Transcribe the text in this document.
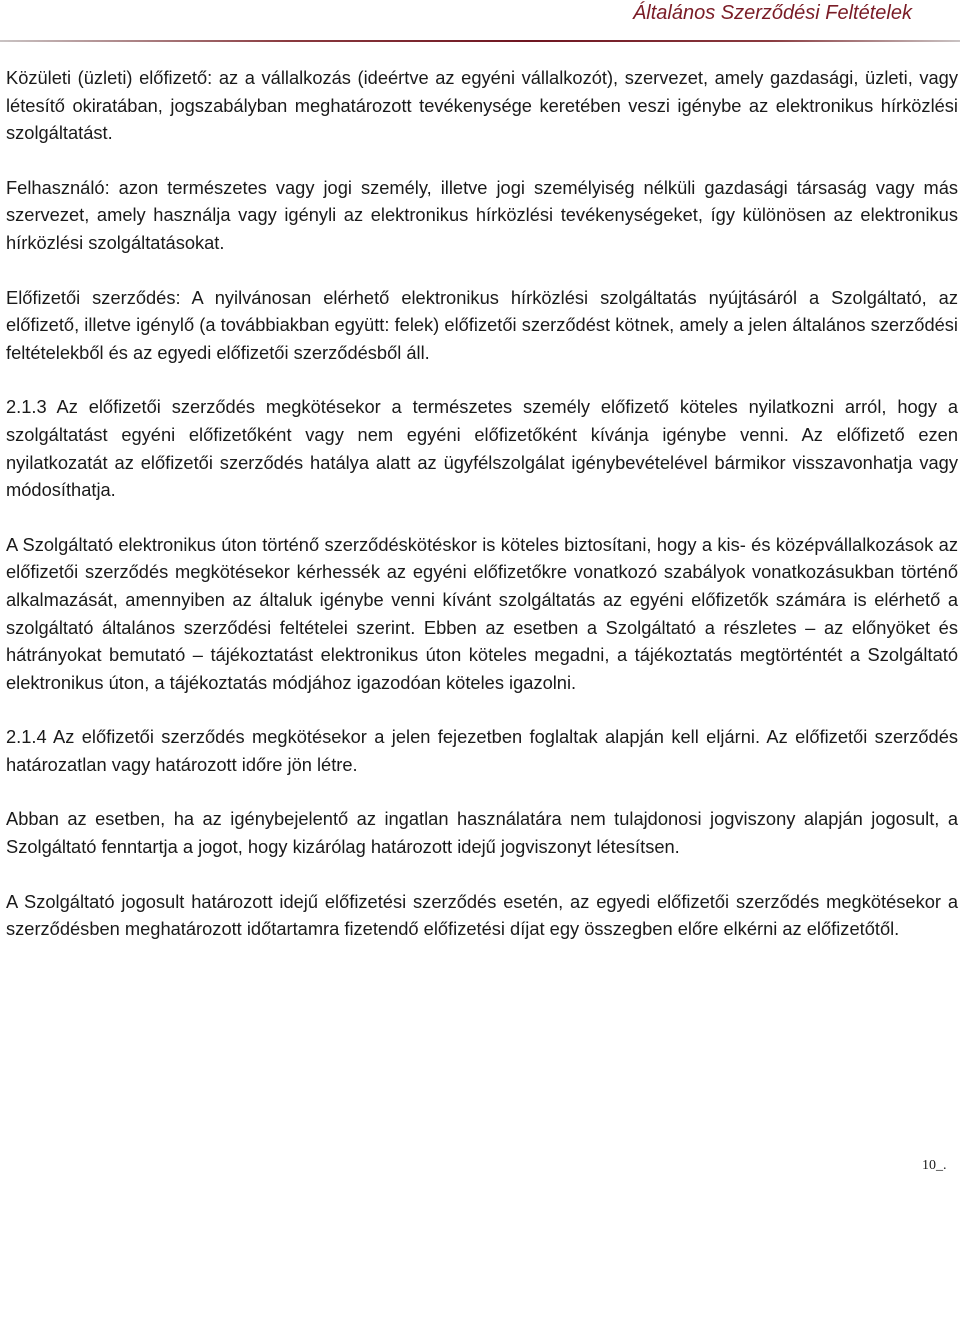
Általános Szerződési Feltételek

Közületi (üzleti) előfizető: az a vállalkozás (ideértve az egyéni vállalkozót), szervezet, amely gazdasági, üzleti, vagy létesítő okiratában, jogszabályban meghatározott tevékenysége keretében veszi igénybe az elektronikus hírközlési szolgáltatást.

Felhasználó: azon természetes vagy jogi személy, illetve jogi személyiség nélküli gazdasági társaság vagy más szervezet, amely használja vagy igényli az elektronikus hírközlési tevékenységeket, így különösen az elektronikus hírközlési szolgáltatásokat.

Előfizetői szerződés: A nyilvánosan elérhető elektronikus hírközlési szolgáltatás nyújtásáról a Szolgáltató, az előfizető, illetve igénylő (a továbbiakban együtt: felek) előfizetői szerződést kötnek, amely a jelen általános szerződési feltételekből és az egyedi előfizetői szerződésből áll.

2.1.3 Az előfizetői szerződés megkötésekor a természetes személy előfizető köteles nyilatkozni arról, hogy a szolgáltatást egyéni előfizetőként vagy nem egyéni előfizetőként kívánja igénybe venni. Az előfizető ezen nyilatkozatát az előfizetői szerződés hatálya alatt az ügyfélszolgálat igénybevételével bármikor visszavonhatja vagy módosíthatja.

A Szolgáltató elektronikus úton történő szerződéskötéskor is köteles biztosítani, hogy a kis- és középvállalkozások az előfizetői szerződés megkötésekor kérhessék az egyéni előfizetőkre vonatkozó szabályok vonatkozásukban történő alkalmazását, amennyiben az általuk igénybe venni kívánt szolgáltatás az egyéni előfizetők számára is elérhető a szolgáltató általános szerződési feltételei szerint. Ebben az esetben a Szolgáltató a részletes – az előnyöket és hátrányokat bemutató – tájékoztatást elektronikus úton köteles megadni, a tájékoztatás megtörténtét a Szolgáltató elektronikus úton, a tájékoztatás módjához igazodóan köteles igazolni.

2.1.4 Az előfizetői szerződés megkötésekor a jelen fejezetben foglaltak alapján kell eljárni. Az előfizetői szerződés határozatlan vagy határozott időre jön létre.

Abban az esetben, ha az igénybejelentő az ingatlan használatára nem tulajdonosi jogviszony alapján jogosult, a Szolgáltató fenntartja a jogot, hogy kizárólag határozott idejű jogviszonyt létesítsen.

A Szolgáltató jogosult határozott idejű előfizetési szerződés esetén, az egyedi előfizetői szerződés megkötésekor a szerződésben meghatározott időtartamra fizetendő előfizetési díjat egy összegben előre elkérni az előfizetőtől.

10_.
